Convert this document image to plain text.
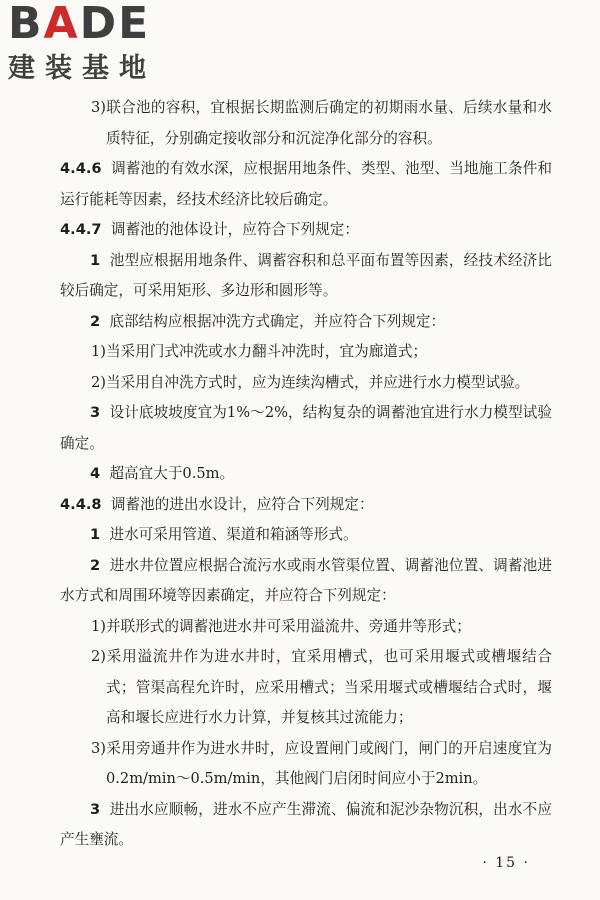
BADE
建装基地

3)联合池的容积，宜根据长期监测后确定的初期雨水量、后续水量和水质特征，分别确定接收部分和沉淀净化部分的容积。

4.4.6 调蓄池的有效水深，应根据用地条件、类型、池型、当地施工条件和运行能耗等因素，经技术经济比较后确定。

4.4.7 调蓄池的池体设计，应符合下列规定：

1 池型应根据用地条件、调蓄容积和总平面布置等因素，经技术经济比较后确定，可采用矩形、多边形和圆形等。

2 底部结构应根据冲洗方式确定，并应符合下列规定：

1)当采用门式冲洗或水力翻斗冲洗时，宜为廊道式；

2)当采用自冲洗方式时，应为连续沟槽式，并应进行水力模型试验。

3 设计底坡坡度宜为1%～2%，结构复杂的调蓄池宜进行水力模型试验确定。

4 超高宜大于0.5m。

4.4.8 调蓄池的进出水设计，应符合下列规定：

1 进水可采用管道、渠道和箱涵等形式。

2 进水井位置应根据合流污水或雨水管渠位置、调蓄池位置、调蓄池进水方式和周围环境等因素确定，并应符合下列规定：

1)并联形式的调蓄池进水井可采用溢流井、旁通井等形式；

2)采用溢流井作为进水井时，宜采用槽式，也可采用堰式或槽堰结合式；管渠高程允许时，应采用槽式；当采用堰式或槽堰结合式时，堰高和堰长应进行水力计算，并复核其过流能力；

3)采用旁通井作为进水井时，应设置闸门或阀门，闸门的开启速度宜为0.2m/min～0.5m/min，其他阀门启闭时间应小于2min。

3 进出水应顺畅，进水不应产生滞流、偏流和泥沙杂物沉积，出水不应产生壅流。

· 15 ·
